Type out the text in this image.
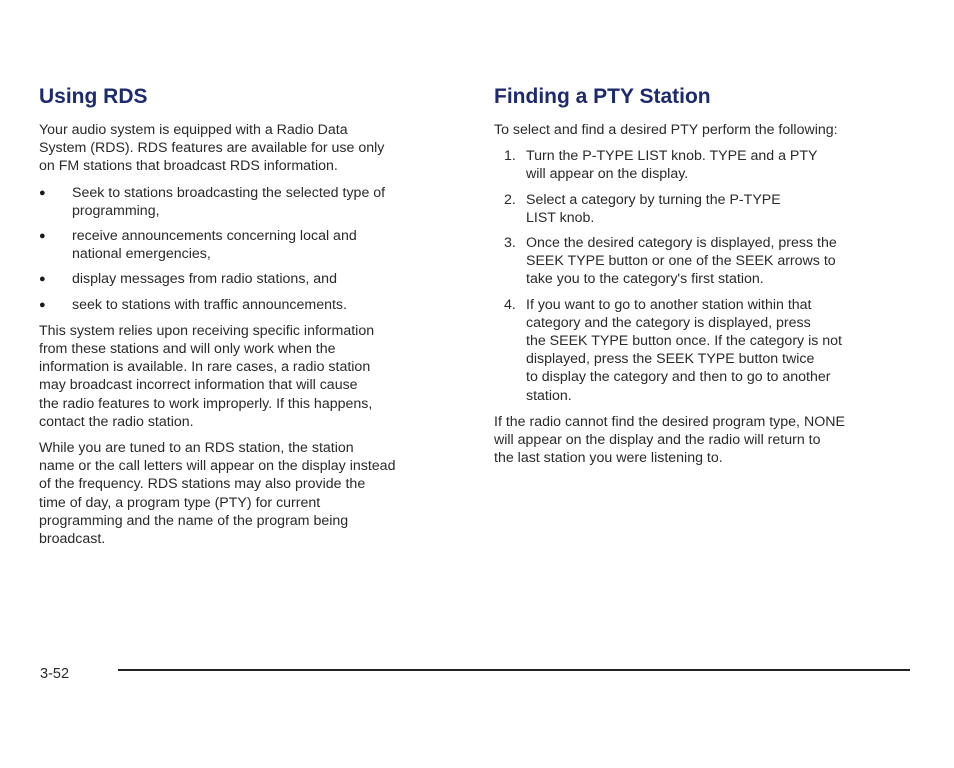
Using RDS

Your audio system is equipped with a Radio Data
System (RDS). RDS features are available for use only
on FM stations that broadcast RDS information.

● Seek to stations broadcasting the selected type of
programming,
● receive announcements concerning local and
national emergencies,
● display messages from radio stations, and
● seek to stations with traffic announcements.

This system relies upon receiving specific information
from these stations and will only work when the
information is available. In rare cases, a radio station
may broadcast incorrect information that will cause
the radio features to work improperly. If this happens,
contact the radio station.

While you are tuned to an RDS station, the station
name or the call letters will appear on the display instead
of the frequency. RDS stations may also provide the
time of day, a program type (PTY) for current
programming and the name of the program being
broadcast.

Finding a PTY Station

To select and find a desired PTY perform the following:

1. Turn the P-TYPE LIST knob. TYPE and a PTY
will appear on the display.
2. Select a category by turning the P-TYPE
LIST knob.
3. Once the desired category is displayed, press the
SEEK TYPE button or one of the SEEK arrows to
take you to the category's first station.
4. If you want to go to another station within that
category and the category is displayed, press
the SEEK TYPE button once. If the category is not
displayed, press the SEEK TYPE button twice
to display the category and then to go to another
station.

If the radio cannot find the desired program type, NONE
will appear on the display and the radio will return to
the last station you were listening to.

3-52
